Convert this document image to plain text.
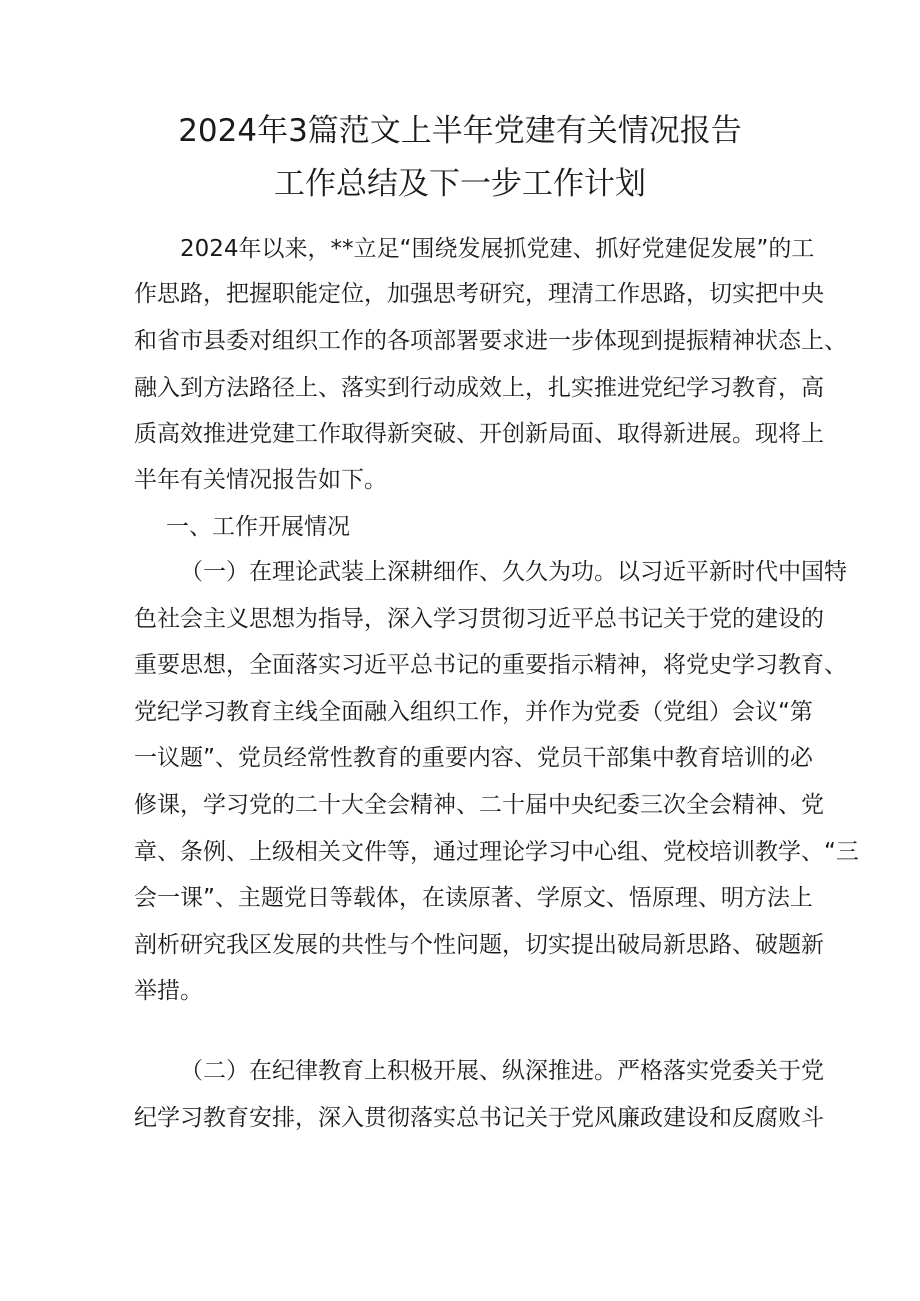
2024年3篇范文上半年党建有关情况报告
工作总结及下一步工作计划
2024年以来，**立足“围绕发展抓党建、抓好党建促发展”的工
作思路，把握职能定位，加强思考研究，理清工作思路，切实把中央
和省市县委对组织工作的各项部署要求进一步体现到提振精神状态上、
融入到方法路径上、落实到行动成效上，扎实推进党纪学习教育，高
质高效推进党建工作取得新突破、开创新局面、取得新进展。现将上
半年有关情况报告如下。
一、工作开展情况
（一）在理论武装上深耕细作、久久为功。以习近平新时代中国特
色社会主义思想为指导，深入学习贯彻习近平总书记关于党的建设的
重要思想，全面落实习近平总书记的重要指示精神，将党史学习教育、
党纪学习教育主线全面融入组织工作，并作为党委（党组）会议“第
一议题”、党员经常性教育的重要内容、党员干部集中教育培训的必
修课，学习党的二十大全会精神、二十届中央纪委三次全会精神、党
章、条例、上级相关文件等，通过理论学习中心组、党校培训教学、“三
会一课”、主题党日等载体，在读原著、学原文、悟原理、明方法上
剖析研究我区发展的共性与个性问题，切实提出破局新思路、破题新
举措。
（二）在纪律教育上积极开展、纵深推进。严格落实党委关于党
纪学习教育安排，深入贯彻落实总书记关于党风廉政建设和反腐败斗
